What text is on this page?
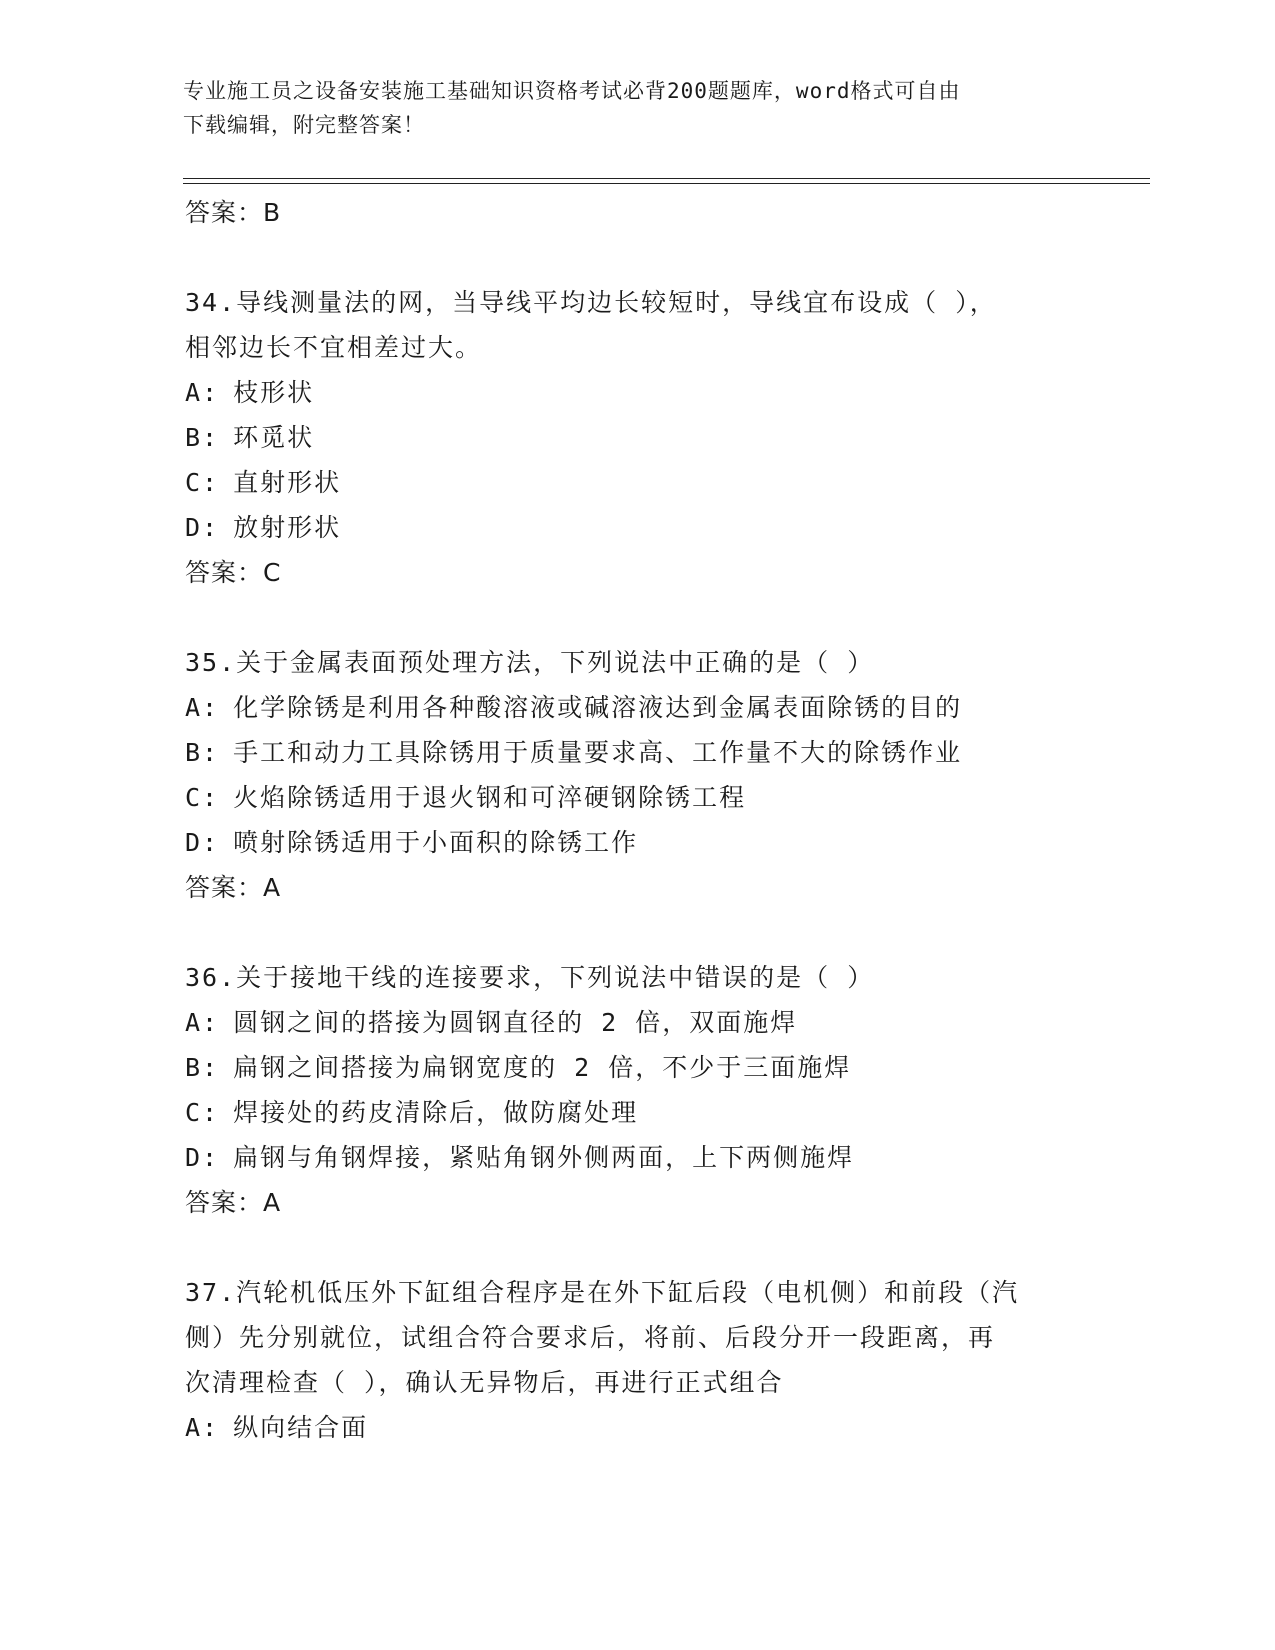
专业施工员之设备安装施工基础知识资格考试必背200题题库，word格式可自由
下载编辑，附完整答案！
答案：B
34.导线测量法的网，当导线平均边长较短时，导线宜布设成（ ），
相邻边长不宜相差过大。
A: 枝形状
B: 环觅状
C: 直射形状
D: 放射形状
答案：C
35.关于金属表面预处理方法，下列说法中正确的是（ ）
A: 化学除锈是利用各种酸溶液或碱溶液达到金属表面除锈的目的
B: 手工和动力工具除锈用于质量要求高、工作量不大的除锈作业
C: 火焰除锈适用于退火钢和可淬硬钢除锈工程
D: 喷射除锈适用于小面积的除锈工作
答案：A
36.关于接地干线的连接要求，下列说法中错误的是（ ）
A: 圆钢之间的搭接为圆钢直径的 2 倍，双面施焊
B: 扁钢之间搭接为扁钢宽度的 2 倍，不少于三面施焊
C: 焊接处的药皮清除后，做防腐处理
D: 扁钢与角钢焊接，紧贴角钢外侧两面，上下两侧施焊
答案：A
37.汽轮机低压外下缸组合程序是在外下缸后段（电机侧）和前段（汽
侧）先分别就位，试组合符合要求后，将前、后段分开一段距离，再
次清理检查（ ），确认无异物后，再进行正式组合
A: 纵向结合面
